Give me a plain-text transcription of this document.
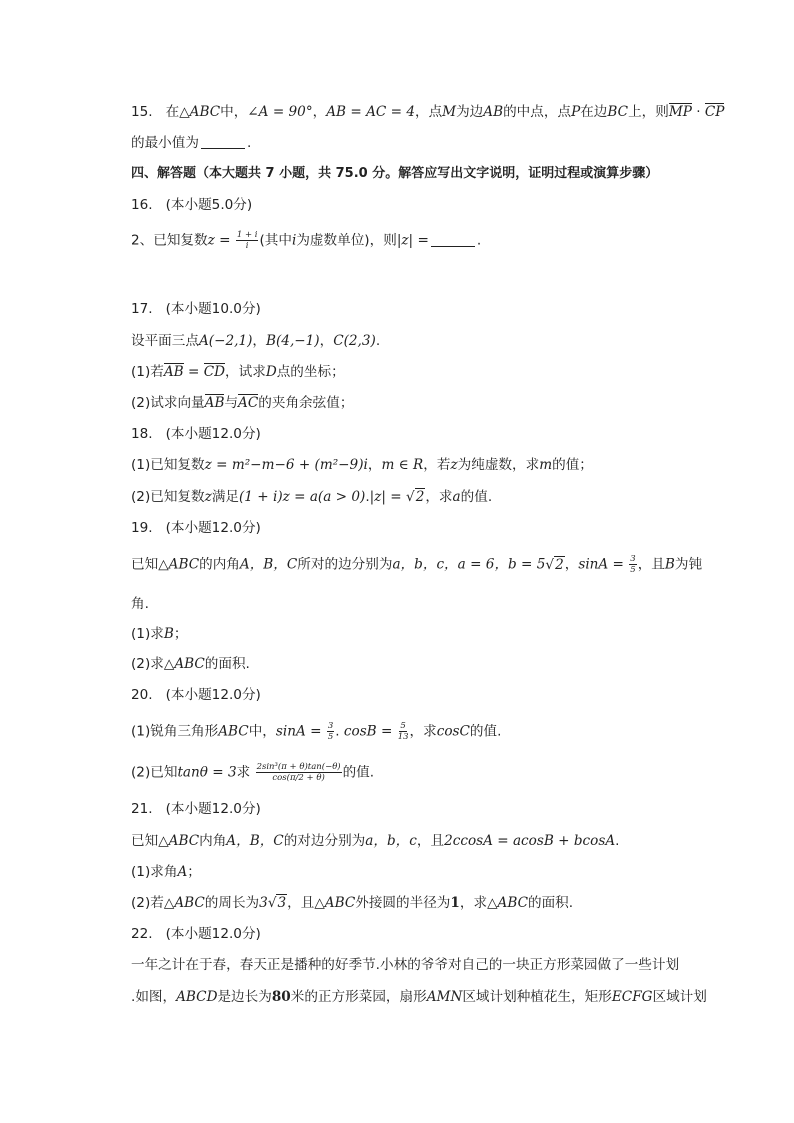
15. 在△ABC中，∠A = 90°，AB = AC = 4，点M为边AB的中点，点P在边BC上，则MP · CP
的最小值为	.
四、解答题（本大题共 7 小题，共 75.0 分。解答应写出文字说明，证明过程或演算步骤）
16. (本小题5.0分)
2、已知复数$z = \frac{1 + i}{i}$ (其中i为虚数单位)，则|z| =	.
17. (本小题10.0分)
设平面三点A(−2,1)，B(4,−1)，C(2,3).
(1)若AB = CD，试求D点的坐标；
(2)试求向量AB与AC的夹角余弦值；
18. (本小题12.0分)
(1)已知复数z = m²−m−6 + (m²−9)i，m ∈ R，若z为纯虚数，求m的值；
(2)已知复数z满足(1 + i)z = a(a > 0).|z| = √2，求a的值.
19. (本小题12.0分)
已知△ABC的内角A，B，C所对的边分别为a，b，c，a = 6，b = 5√2，$\sin A = \frac{3}{5}$ ，且B为钝
角.
(1)求B；
(2)求△ABC的面积.
20. (本小题12.0分)
(1)锐角三角形ABC中，$\sin A = \frac{3}{5}$ . $\cos B = \frac{5}{13}$ ，求cosC的值.
(2)已知tanθ = 3求 $\frac{\text{2sin³(π + θ)tan(−θ)}}{\cos(\pi/2 + \theta)}$ 的值.
21. (本小题12.0分)
已知△ABC内角A，B，C的对边分别为a，b，c，且2ccosA = acosB + bcosA.
(1)求角A；
(2)若△ABC的周长为3√3，且△ABC外接圆的半径为1，求△ABC的面积.
22. (本小题12.0分)
一年之计在于春，春天正是播种的好季节.小林的爷爷对自己的一块正方形菜园做了一些计划
.如图，ABCD是边长为80米的正方形菜园，扇形AMN区域计划种植花生，矩形ECFG区域计划
